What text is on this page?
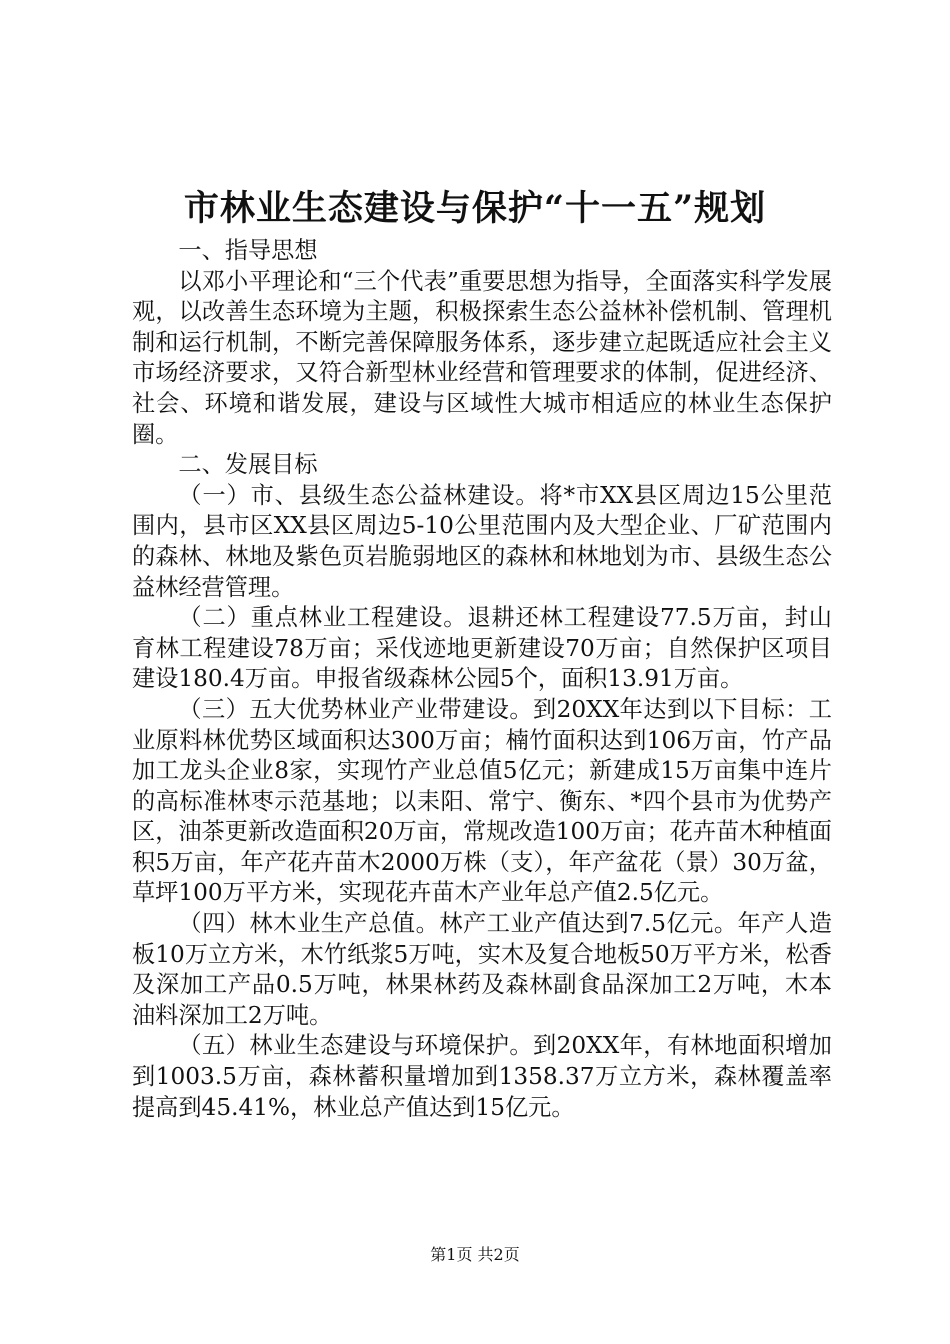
市林业生态建设与保护“十一五”规划

一、指导思想

以邓小平理论和“三个代表”重要思想为指导，全面落实科学发展观，以改善生态环境为主题，积极探索生态公益林补偿机制、管理机制和运行机制，不断完善保障服务体系，逐步建立起既适应社会主义市场经济要求，又符合新型林业经营和管理要求的体制，促进经济、社会、环境和谐发展，建设与区域性大城市相适应的林业生态保护圈。

二、发展目标

（一）市、县级生态公益林建设。将*市XX县区周边15公里范围内，县市区XX县区周边5-10公里范围内及大型企业、厂矿范围内的森林、林地及紫色页岩脆弱地区的森林和林地划为市、县级生态公益林经营管理。

（二）重点林业工程建设。退耕还林工程建设77.5万亩，封山育林工程建设78万亩；采伐迹地更新建设70万亩；自然保护区项目建设180.4万亩。申报省级森林公园5个，面积13.91万亩。

（三）五大优势林业产业带建设。到20XX年达到以下目标：工业原料林优势区域面积达300万亩；楠竹面积达到106万亩，竹产品加工龙头企业8家，实现竹产业总值5亿元；新建成15万亩集中连片的高标准林枣示范基地；以耒阳、常宁、衡东、*四个县市为优势产区，油茶更新改造面积20万亩，常规改造100万亩；花卉苗木种植面积5万亩，年产花卉苗木2000万株（支），年产盆花（景）30万盆，草坪100万平方米，实现花卉苗木产业年总产值2.5亿元。

（四）林木业生产总值。林产工业产值达到7.5亿元。年产人造板10万立方米，木竹纸浆5万吨，实木及复合地板50万平方米，松香及深加工产品0.5万吨，林果林药及森林副食品深加工2万吨，木本油料深加工2万吨。

（五）林业生态建设与环境保护。到20XX年，有林地面积增加到1003.5万亩，森林蓄积量增加到1358.37万立方米，森林覆盖率提高到45.41%，林业总产值达到15亿元。

第1页 共2页
